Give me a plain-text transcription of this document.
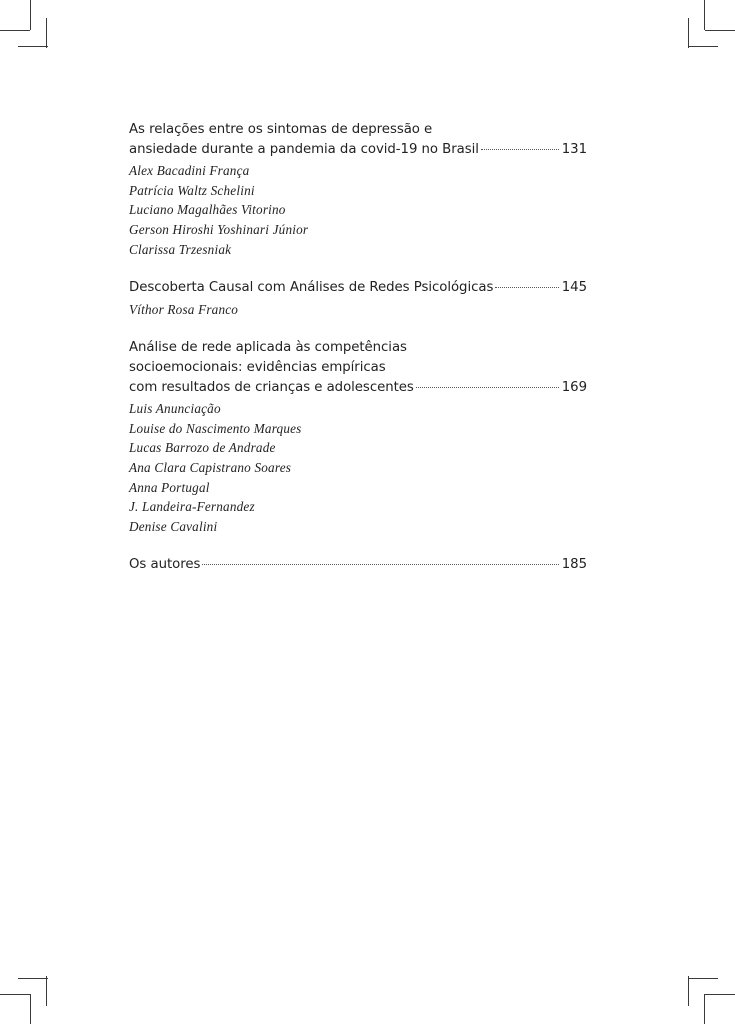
As relações entre os sintomas de depressão e
ansiedade durante a pandemia da covid-19 no Brasil	131
Alex Bacadini França
Patrícia Waltz Schelini
Luciano Magalhães Vitorino
Gerson Hiroshi Yoshinari Júnior
Clarissa Trzesniak
Descoberta Causal com Análises de Redes Psicológicas	145
Víthor Rosa Franco
Análise de rede aplicada às competências
socioemocionais: evidências empíricas
com resultados de crianças e adolescentes	169
Luis Anunciação
Louise do Nascimento Marques
Lucas Barrozo de Andrade
Ana Clara Capistrano Soares
Anna Portugal
J. Landeira-Fernandez
Denise Cavalini
Os autores	185
